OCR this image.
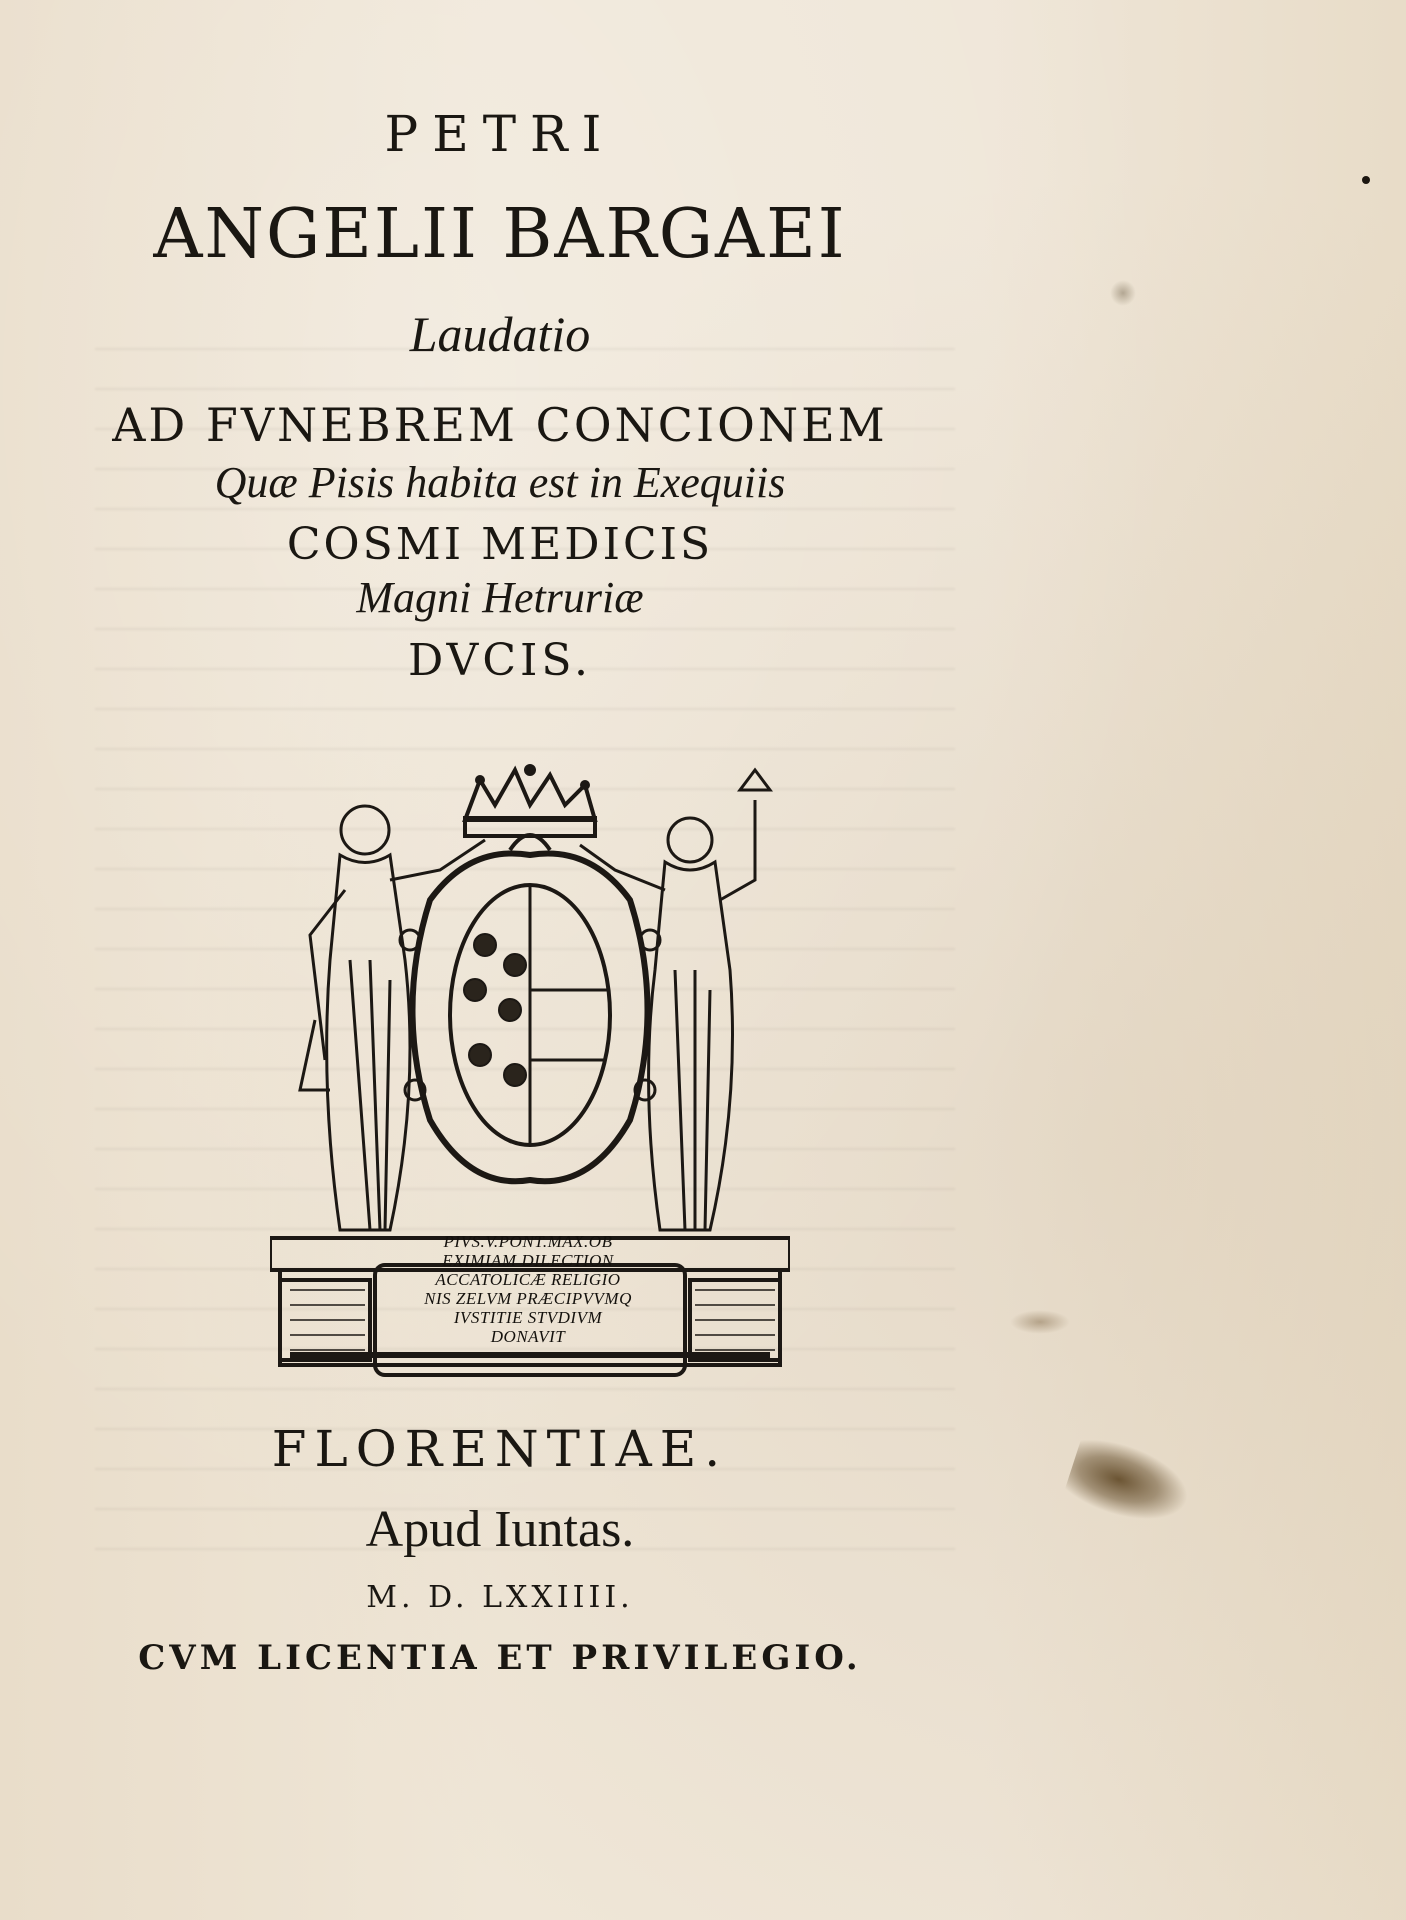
PETRI
ANGELII BARGAEI
Laudatio
AD FVNEBREM CONCIONEM
Quæ Pisis habita est in Exequiis
COSMI MEDICIS
Magni Hetruriæ
DVCIS.
PIVS.V.PONT.MAX.OB
EXIMIAM DILECTION
ACCATOLICÆ RELIGIO
NIS ZELVM PRÆCIPVVMQ
IVSTITIE STVDIVM
DONAVIT
FLORENTIAE.
Apud Iuntas.
M. D. LXXIIII.
CVM LICENTIA ET PRIVILEGIO.
